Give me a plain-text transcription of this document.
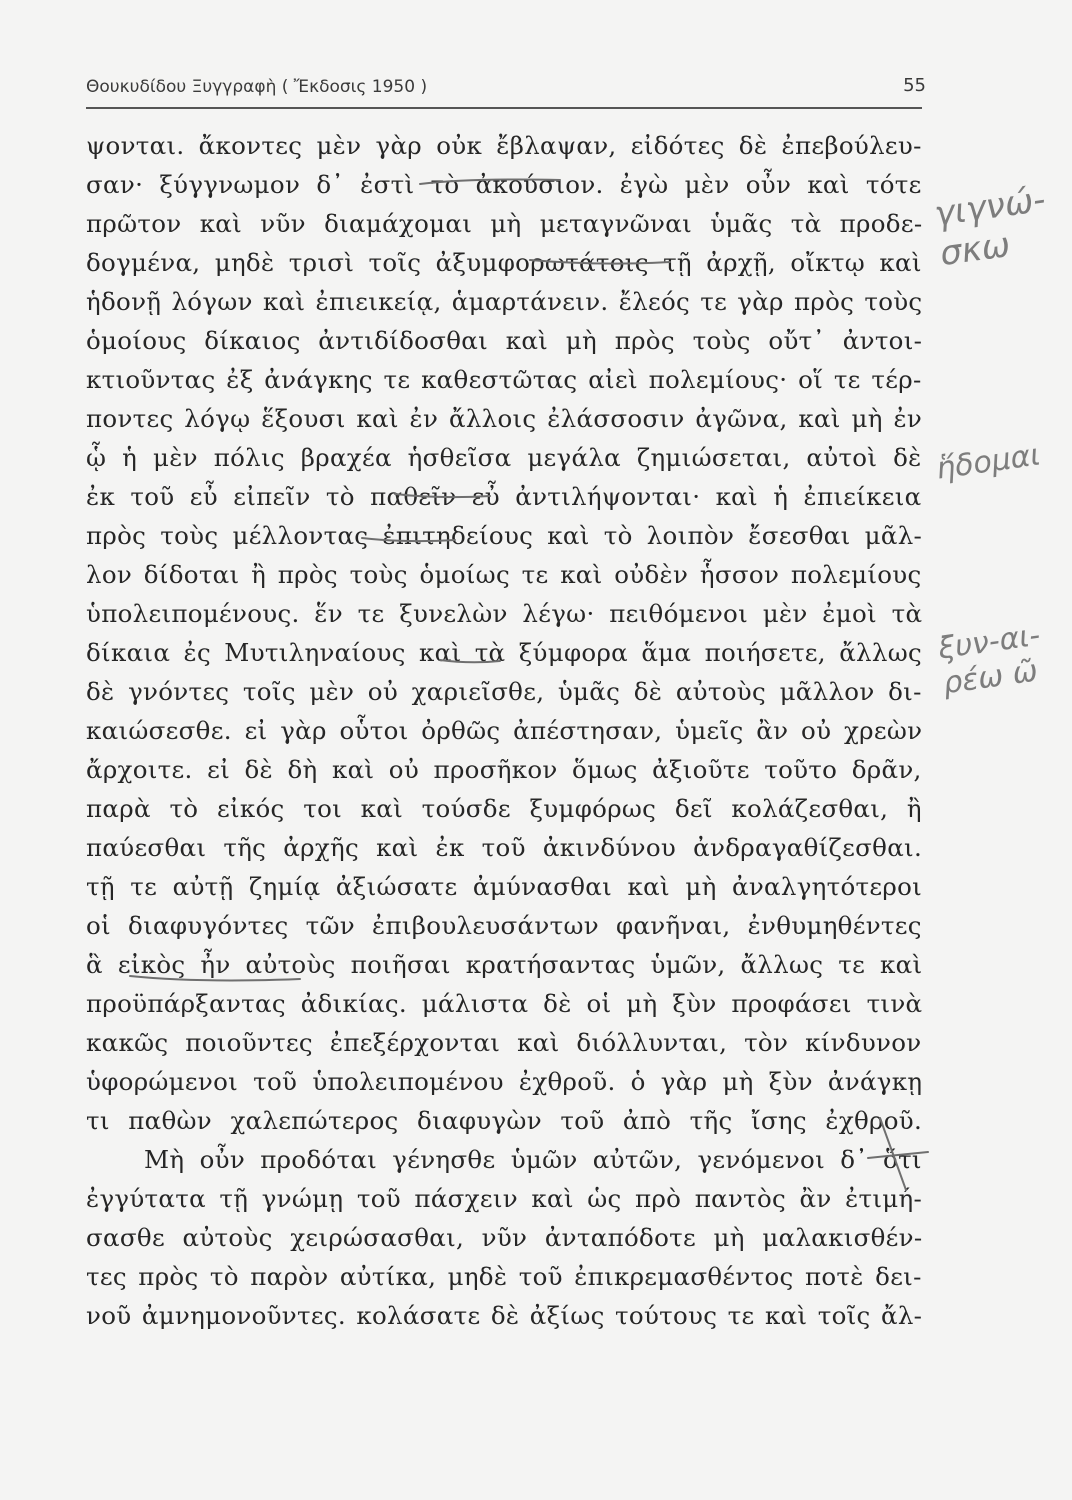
Θουκυδίδου Ξυγγραφὴ ( Ἔκδοσις 1950 )	55
ψονται. ἄκοντες μὲν γὰρ οὐκ ἔβλαψαν, εἰδότες δὲ ἐπεβούλευ-
σαν· ξύγγνωμον δ᾽ ἐστὶ τὸ ἀκούσιον. ἐγὼ μὲν οὖν καὶ τότε
πρῶτον καὶ νῦν διαμάχομαι μὴ μεταγνῶναι ὑμᾶς τὰ προδε-
δογμένα, μηδὲ τρισὶ τοῖς ἀξυμφορωτάτοις τῇ ἀρχῇ, οἴκτῳ καὶ
ἡδονῇ λόγων καὶ ἐπιεικείᾳ, ἁμαρτάνειν. ἔλεός τε γὰρ πρὸς τοὺς
ὁμοίους δίκαιος ἀντιδίδοσθαι καὶ μὴ πρὸς τοὺς οὔτ᾽ ἀντοι-
κτιοῦντας ἐξ ἀνάγκης τε καθεστῶτας αἰεὶ πολεμίους· οἵ τε τέρ-
ποντες λόγῳ ἕξουσι καὶ ἐν ἄλλοις ἐλάσσοσιν ἀγῶνα, καὶ μὴ ἐν
ᾧ ἡ μὲν πόλις βραχέα ἡσθεῖσα μεγάλα ζημιώσεται, αὐτοὶ δὲ
ἐκ τοῦ εὖ εἰπεῖν τὸ παθεῖν εὖ ἀντιλήψονται· καὶ ἡ ἐπιείκεια
πρὸς τοὺς μέλλοντας ἐπιτηδείους καὶ τὸ λοιπὸν ἔσεσθαι μᾶλ-
λον δίδοται ἢ πρὸς τοὺς ὁμοίως τε καὶ οὐδὲν ἧσσον πολεμίους
ὑπολειπομένους. ἕν τε ξυνελὼν λέγω· πειθόμενοι μὲν ἐμοὶ τὰ
δίκαια ἐς Μυτιληναίους καὶ τὰ ξύμφορα ἅμα ποιήσετε, ἄλλως
δὲ γνόντες τοῖς μὲν οὐ χαριεῖσθε, ὑμᾶς δὲ αὐτοὺς μᾶλλον δι-
καιώσεσθε. εἰ γὰρ οὗτοι ὀρθῶς ἀπέστησαν, ὑμεῖς ἂν οὐ χρεὼν
ἄρχοιτε. εἰ δὲ δὴ καὶ οὐ προσῆκον ὅμως ἀξιοῦτε τοῦτο δρᾶν,
παρὰ τὸ εἰκός τοι καὶ τούσδε ξυμφόρως δεῖ κολάζεσθαι, ἢ
παύεσθαι τῆς ἀρχῆς καὶ ἐκ τοῦ ἀκινδύνου ἀνδραγαθίζεσθαι.
τῇ τε αὐτῇ ζημίᾳ ἀξιώσατε ἀμύνασθαι καὶ μὴ ἀναλγητότεροι
οἱ διαφυγόντες τῶν ἐπιβουλευσάντων φανῆναι, ἐνθυμηθέντες
ἃ εἰκὸς ἦν αὐτοὺς ποιῆσαι κρατήσαντας ὑμῶν, ἄλλως τε καὶ
προϋπάρξαντας ἀδικίας. μάλιστα δὲ οἱ μὴ ξὺν προφάσει τινὰ
κακῶς ποιοῦντες ἐπεξέρχονται καὶ διόλλυνται, τὸν κίνδυνον
ὑφορώμενοι τοῦ ὑπολειπομένου ἐχθροῦ. ὁ γὰρ μὴ ξὺν ἀνάγκῃ
τι παθὼν χαλεπώτερος διαφυγὼν τοῦ ἀπὸ τῆς ἴσης ἐχθροῦ.
Μὴ οὖν προδόται γένησθε ὑμῶν αὐτῶν, γενόμενοι δ᾽ ὅτι
ἐγγύτατα τῇ γνώμῃ τοῦ πάσχειν καὶ ὡς πρὸ παντὸς ἂν ἐτιμή-
σασθε αὐτοὺς χειρώσασθαι, νῦν ἀνταπόδοτε μὴ μαλακισθέν-
τες πρὸς τὸ παρὸν αὐτίκα, μηδὲ τοῦ ἐπικρεμασθέντος ποτὲ δει-
νοῦ ἀμνημονοῦντες. κολάσατε δὲ ἀξίως τούτους τε καὶ τοῖς ἄλ-
γιγνώ-σκω
ἥδομαι
ξυν-αι-ρέω ῶ
